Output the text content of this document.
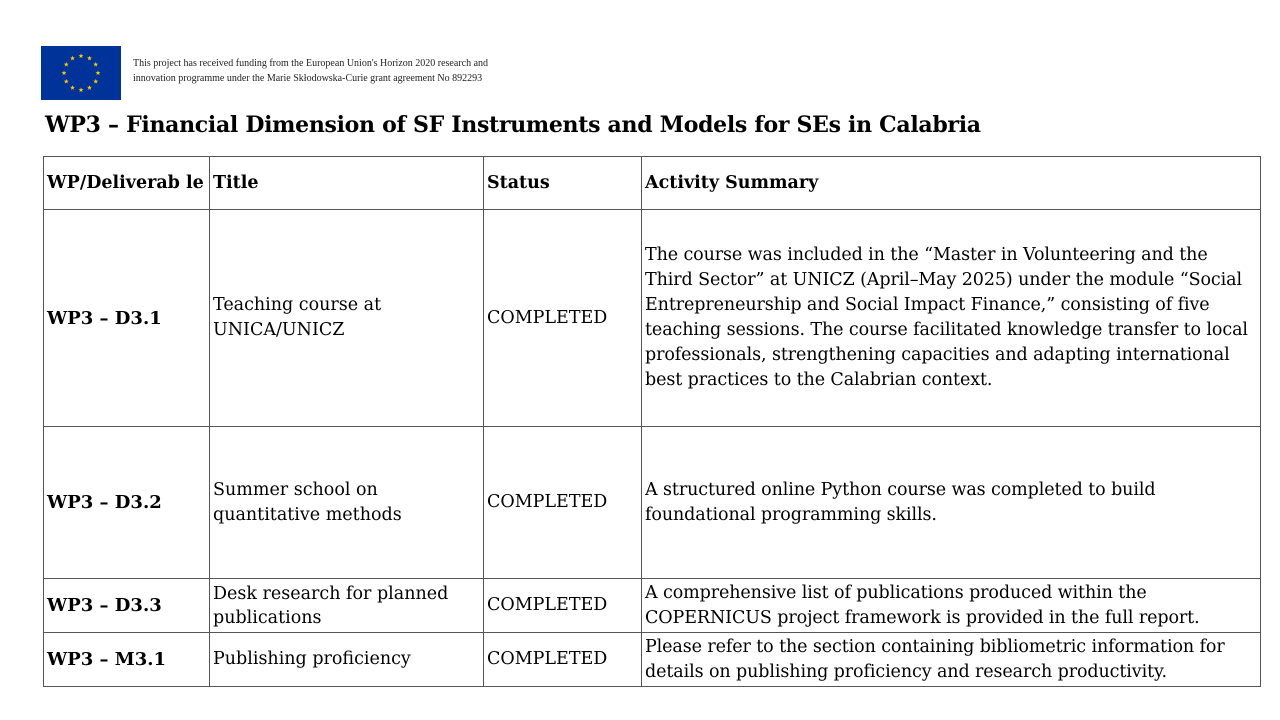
This project has received funding from the European Union's Horizon 2020 research and
innovation programme under the Marie Skłodowska-Curie grant agreement No 892293
WP3 – Financial Dimension of SF Instruments and Models for SEs in Calabria
WP/Deliverab le	Title	Status	Activity Summary
WP3 – D3.1	Teaching course at UNICA/UNICZ	COMPLETED	The course was included in the “Master in Volunteering and the Third Sector” at UNICZ (April–May 2025) under the module “Social Entrepreneurship and Social Impact Finance,” consisting of five teaching sessions. The course facilitated knowledge transfer to local professionals, strengthening capacities and adapting international best practices to the Calabrian context.
WP3 – D3.2	Summer school on quantitative methods	COMPLETED	A structured online Python course was completed to build foundational programming skills.
WP3 – D3.3	Desk research for planned publications	COMPLETED	A comprehensive list of publications produced within the COPERNICUS project framework is provided in the full report.
WP3 – M3.1	Publishing proficiency	COMPLETED	Please refer to the section containing bibliometric information for details on publishing proficiency and research productivity.
